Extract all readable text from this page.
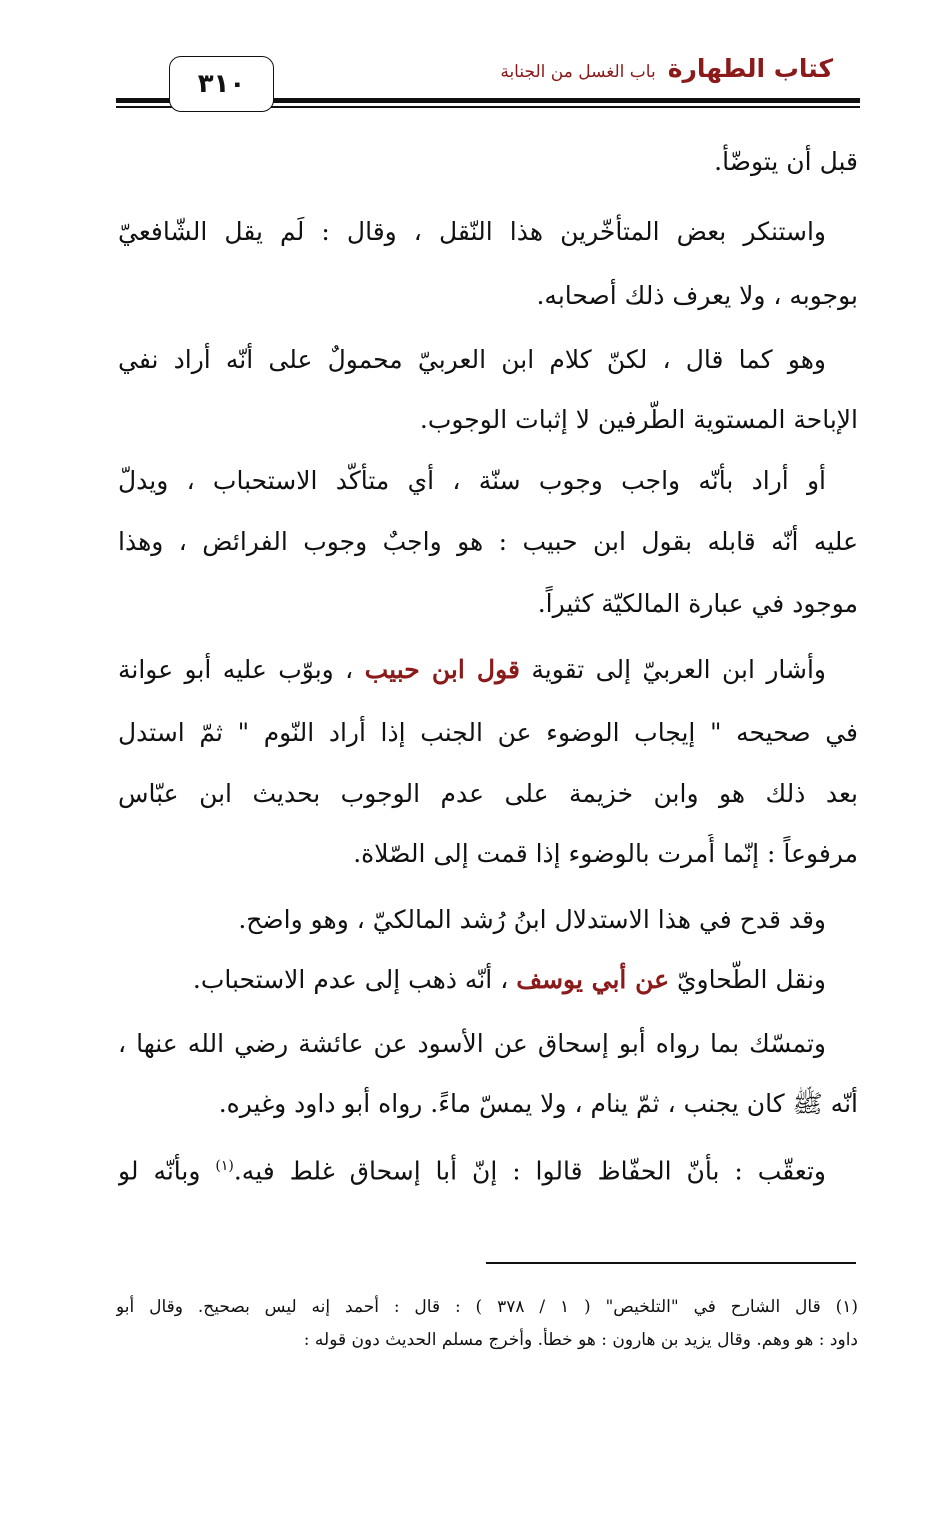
كتاب الطهارةباب الغسل من الجنابة
٣١٠
قبل أن يتوضّأ.
واستنكر بعض المتأخّرين هذا النّقل ، وقال : لَم يقل الشّافعيّ
بوجوبه ، ولا يعرف ذلك أصحابه.
وهو كما قال ، لكنّ كلام ابن العربيّ محمولٌ على أنّه أراد نفي
الإباحة المستوية الطّرفين لا إثبات الوجوب.
أو أراد بأنّه واجب وجوب سنّة ، أي متأكّد الاستحباب ، ويدلّ
عليه أنّه قابله بقول ابن حبيب : هو واجبٌ وجوب الفرائض ، وهذا
موجود في عبارة المالكيّة كثيراً.
وأشار ابن العربيّ إلى تقوية قول ابن حبيب ، وبوّب عليه أبو عوانة
في صحيحه " إيجاب الوضوء عن الجنب إذا أراد النّوم " ثمّ استدل
بعد ذلك هو وابن خزيمة على عدم الوجوب بحديث ابن عبّاس
مرفوعاً : إنّما أُمرت بالوضوء إذا قمت إلى الصّلاة.
وقد قدح في هذا الاستدلال ابنُ رُشد المالكيّ ، وهو واضح.
ونقل الطّحاويّ عن أبي يوسف ، أنّه ذهب إلى عدم الاستحباب.
وتمسّك بما رواه أبو إسحاق عن الأسود عن عائشة رضي الله عنها ،
أنّه ﷺ كان يجنب ، ثمّ ينام ، ولا يمسّ ماءً. رواه أبو داود وغيره.
وتعقّب : بأنّ الحفّاظ قالوا : إنّ أبا إسحاق غلط فيه.$^{(١)}$ وبأنّه لو
(١) قال الشارح في "التلخيص" ( ١ / ٣٧٨ ) : قال : أحمد إنه ليس بصحيح. وقال أبو
داود : هو وهم. وقال يزيد بن هارون : هو خطأ. وأخرج مسلم الحديث دون قوله :
